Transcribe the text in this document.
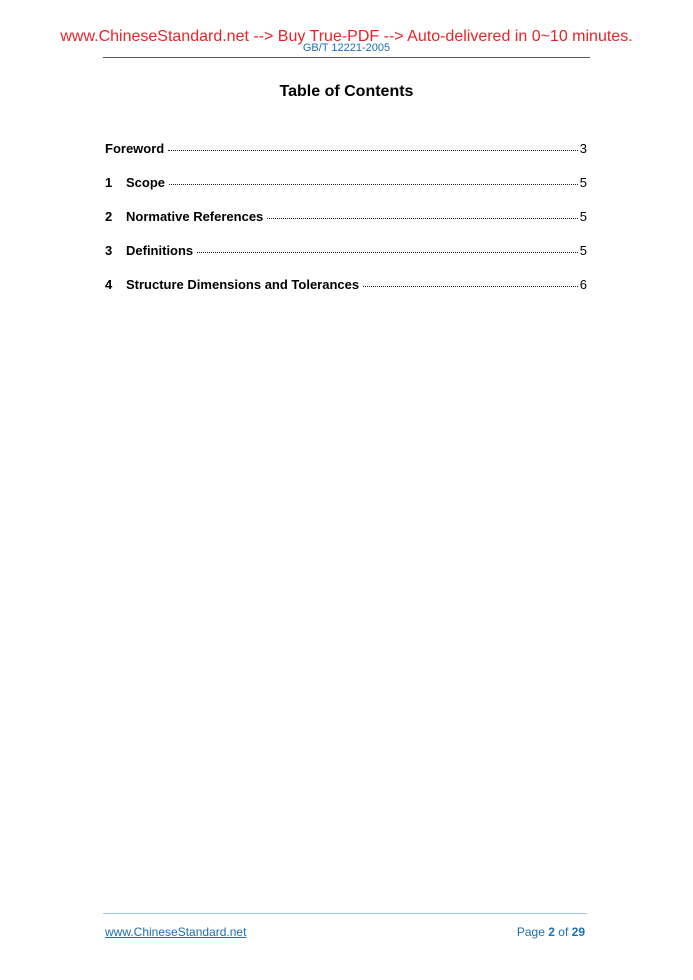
www.ChineseStandard.net --> Buy True-PDF --> Auto-delivered in 0~10 minutes.
GB/T 12221-2005
Table of Contents
Foreword	3
1	Scope	5
2	Normative References	5
3	Definitions	5
4	Structure Dimensions and Tolerances	6
www.ChineseStandard.net	Page 2 of 29
